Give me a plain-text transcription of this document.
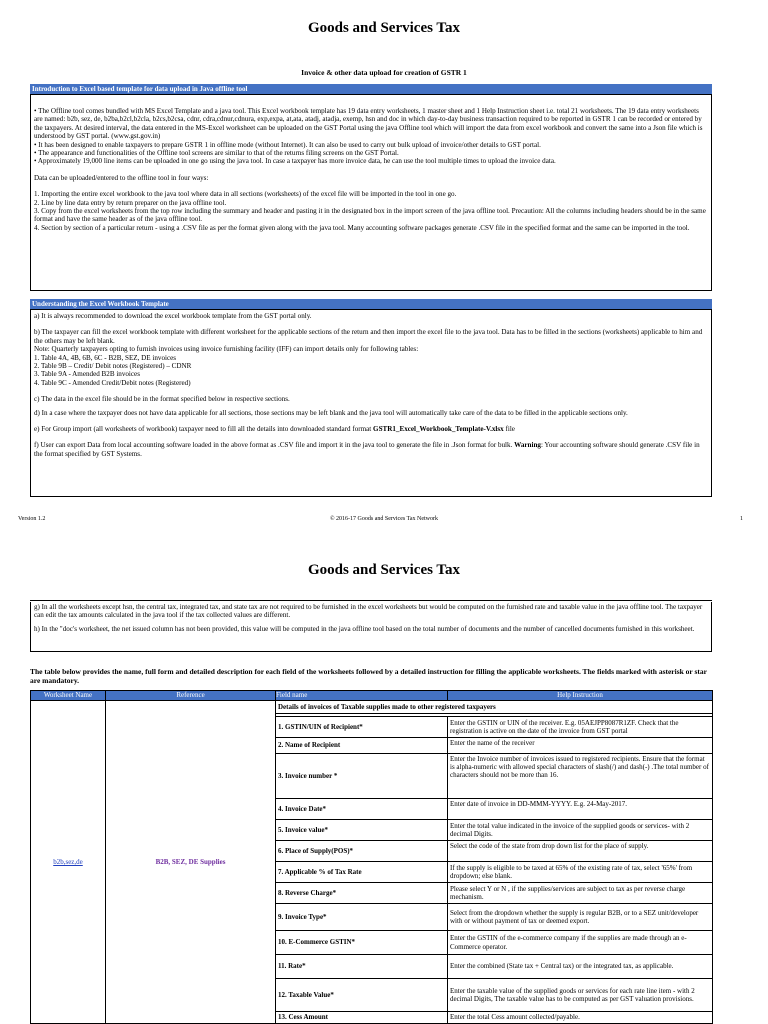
Goods and Services Tax
Invoice & other data upload for creation of GSTR 1
Introduction to Excel based template for data upload in Java offline tool

• The Offline tool comes bundled with MS Excel Template and a java tool. This Excel workbook template has 19 data entry worksheets, 1 master sheet and 1 Help Instruction sheet i.e. total 21 worksheets. The 19 data entry worksheets are named: b2b, sez, de, b2ba,b2cl,b2cla, b2cs,b2csa, cdnr, cdra,cdnur,cdnura, exp,expa, at,ata, atadj, atadja, exemp, hsn and doc in which day-to-day business transaction required to be reported in GSTR 1 can be recorded or entered by the taxpayers. At desired interval, the data entered in the MS-Excel worksheet can be uploaded on the GST Portal using the java Offline tool which will import the data from excel workbook and convert the same into a Json file which is understood by GST portal. (www.gst.gov.in)

• It has been designed to enable taxpayers to prepare GSTR 1 in offline mode (without Internet). It can also be used to carry out bulk upload of invoice/other details to GST portal.

• The appearance and functionalities of the Offline tool screens are similar to that of the returns filing screens on the GST Portal.

• Approximately 19,000 line items can be uploaded in one go using the java tool. In case a taxpayer has more invoice data, he can use the tool multiple times to upload the invoice data.

Data can be uploaded/entered to the offline tool in four ways:

1. Importing the entire excel workbook to the java tool where data in all sections (worksheets) of the excel file will be imported in the tool in one go.

2. Line by line data entry by return preparer on the java offline tool.

3. Copy from the excel worksheets from the top row including the summary and header and pasting it in the designated box in the import screen of the java offline tool. Precaution: All the columns including headers should be in the same format and have the same header as of the java offline tool.

4. Section by section of a particular return - using a .CSV file as per the format given along with the java tool. Many accounting software packages generate .CSV file in the specified format and the same can be imported in the tool.

Understanding the Excel Workbook Template

a) It is always recommended to download the excel workbook template from the GST portal only.

b) The taxpayer can fill the excel workbook template with different worksheet for the applicable sections of the return and then import the excel file to the java tool. Data has to be filled in the sections (worksheets) applicable to him and the others may be left blank.

Note: Quarterly taxpayers opting to furnish invoices using invoice furnishing facility (IFF) can import details only for following tables:

1. Table 4A, 4B, 6B, 6C - B2B, SEZ, DE invoices

2. Table 9B – Credit/ Debit notes (Registered) – CDNR

3. Table 9A - Amended B2B invoices

4. Table 9C - Amended Credit/Debit notes (Registered)

c) The data in the excel file should be in the format specified below in respective sections.

d) In a case where the taxpayer does not have data applicable for all sections, those sections may be left blank and the java tool will automatically take care of the data to be filled in the applicable sections only.

e) For Group import (all worksheets of workbook) taxpayer need to fill all the details into downloaded standard format GSTR1_Excel_Workbook_Template-V.xlsx file

f) User can export Data from local accounting software loaded in the above format as .CSV file and import it in the java tool to generate the file in .Json format for bulk. Warning: Your accounting software should generate .CSV file in the format specified by GST Systems.

Version 1.2	© 2016-17 Goods and Services Tax Network	1
Goods and Services Tax

g) In all the worksheets except hsn, the central tax, integrated tax, and state tax are not required to be furnished in the excel worksheets but would be computed on the furnished rate and taxable value in the java offline tool. The taxpayer can edit the tax amounts calculated in the java tool if the tax collected values are different.

h) In the "doc's worksheet, the net issued column has not been provided, this value will be computed in the java offline tool based on the total number of documents and the number of cancelled documents furnished in this worksheet.

The table below provides the name, full form and detailed description for each field of the worksheets followed by a detailed instruction for filling the applicable worksheets. The fields marked with asterisk or star are mandatory.
Worksheet Name	Reference	Field name	Help Instruction
b2b,sez,de	B2B, SEZ, DE Supplies	Details of invoices of Taxable supplies made to other registered taxpayers	

		1. GSTIN/UIN of Recipient*	Enter the GSTIN or UIN of the receiver. E.g. 05AEJPP8087R1ZF. Check that the registration is active on the date of the invoice from GST portal
		2. Name of Recipient	Enter the name of the receiver
		3. Invoice number *	Enter the Invoice number of invoices issued to registered recipients. Ensure that the format is alpha-numeric with allowed special characters of slash(/) and dash(-) .The total number of characters should not be more than 16.
		4. Invoice Date*	Enter date of invoice in DD-MMM-YYYY. E.g. 24-May-2017.
		5. Invoice value*	Enter the total value indicated in the invoice of the supplied goods or services- with 2 decimal Digits.
		6. Place of Supply(POS)*	Select the code of the state from drop down list for the place of supply.
		7. Applicable % of Tax Rate	If the supply is eligible to be taxed at 65% of the existing rate of tax, select '65%' from dropdown; else blank.
		8. Reverse Charge*	Please select Y or N , if the supplies/services are subject to tax as per reverse charge mechanism.
		9. Invoice Type*	Select from the dropdown whether the supply is regular B2B, or to a SEZ unit/developer with or without payment of tax or deemed export.
		10. E-Commerce GSTIN*	Enter the GSTIN of the e-commerce company if the supplies are made through an e-Commerce operator.
		11. Rate*	Enter the combined (State tax + Central tax) or the integrated tax, as applicable.
		12. Taxable Value*	Enter the taxable value of the supplied goods or services for each rate line item - with 2 decimal Digits, The taxable value has to be computed as per GST valuation provisions.
		13. Cess Amount	Enter the total Cess amount collected/payable.
